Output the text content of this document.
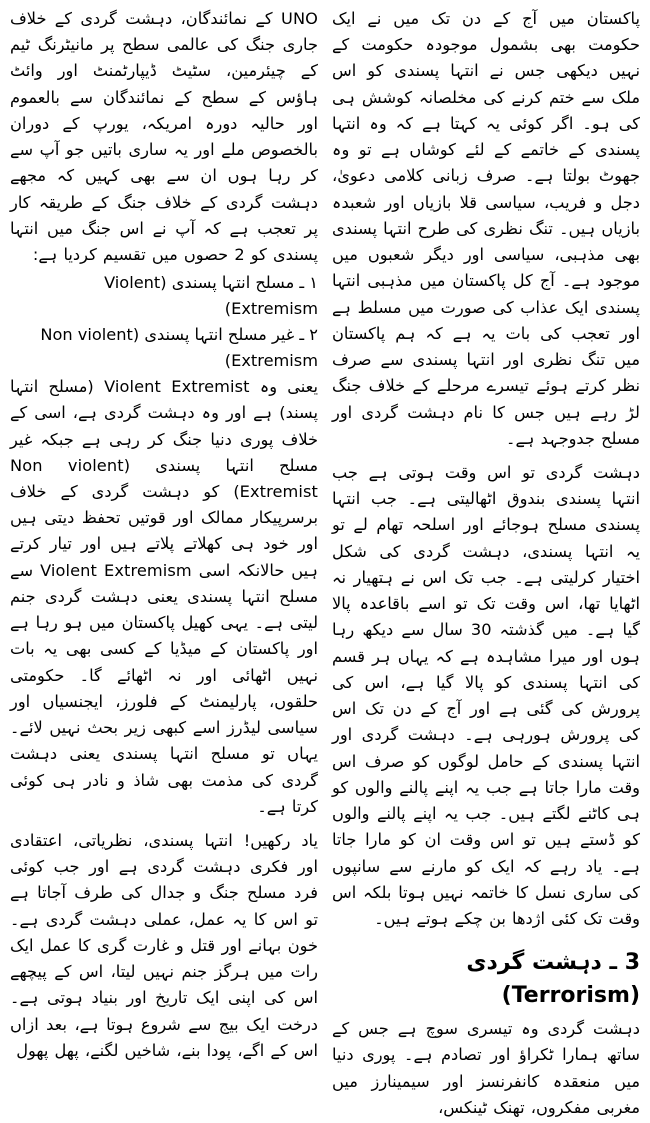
پاکستان میں آج کے دن تک میں نے ایک حکومت بھی بشمول موجودہ حکومت کے نہیں دیکھی جس نے انتہا پسندی کو اس ملک سے ختم کرنے کی مخلصانہ کوشش ہی کی ہو۔ اگر کوئی یہ کہتا ہے کہ وہ انتہا پسندی کے خاتمے کے لئے کوشاں ہے تو وہ جھوٹ بولتا ہے۔ صرف زبانی کلامی دعویٰ، دجل و فریب، سیاسی قلا بازیاں اور شعبدہ بازیاں ہیں۔ تنگ نظری کی طرح انتہا پسندی بھی مذہبی، سیاسی اور دیگر شعبوں میں موجود ہے۔ آج کل پاکستان میں مذہبی انتہا پسندی ایک عذاب کی صورت میں مسلط ہے اور تعجب کی بات یہ ہے کہ ہم پاکستان میں تنگ نظری اور انتہا پسندی سے صرف نظر کرتے ہوئے تیسرے مرحلے کے خلاف جنگ لڑ رہے ہیں جس کا نام دہشت گردی اور مسلح جدوجہد ہے۔

دہشت گردی تو اس وقت ہوتی ہے جب انتہا پسندی بندوق اٹھالیتی ہے۔ جب انتہا پسندی مسلح ہوجائے اور اسلحہ تھام لے تو یہ انتہا پسندی، دہشت گردی کی شکل اختیار کرلیتی ہے۔ جب تک اس نے ہتھیار نہ اٹھایا تھا، اس وقت تک تو اسے باقاعدہ پالا گیا ہے۔ میں گذشتہ 30 سال سے دیکھ رہا ہوں اور میرا مشاہدہ ہے کہ یہاں ہر قسم کی انتہا پسندی کو پالا گیا ہے، اس کی پرورش کی گئی ہے اور آج کے دن تک اس کی پرورش ہورہی ہے۔ دہشت گردی اور انتہا پسندی کے حامل لوگوں کو صرف اس وقت مارا جاتا ہے جب یہ اپنے پالنے والوں کو ہی کاٹنے لگتے ہیں۔ جب یہ اپنے پالنے والوں کو ڈستے ہیں تو اس وقت ان کو مارا جاتا ہے۔ یاد رہے کہ ایک کو مارنے سے سانپوں کی ساری نسل کا خاتمہ نہیں ہوتا بلکہ اس وقت تک کئی اژدھا بن چکے ہوتے ہیں۔

3 ـ دہشت گردی (Terrorism)

دہشت گردی وہ تیسری سوچ ہے جس کے ساتھ ہمارا ٹکراؤ اور تصادم ہے۔ پوری دنیا میں منعقدہ کانفرنسز اور سیمینارز میں مغربی مفکروں، تھنک ٹینکس،

UNO کے نمائندگان، دہشت گردی کے خلاف جاری جنگ کی عالمی سطح پر مانیٹرنگ ٹیم کے چیئرمین، سٹیٹ ڈیپارٹمنٹ اور وائٹ ہاؤس کے سطح کے نمائندگان سے بالعموم اور حالیہ دورہ امریکہ، یورپ کے دوران بالخصوص ملے اور یہ ساری باتیں جو آپ سے کر رہا ہوں ان سے بھی کہیں کہ مجھے دہشت گردی کے خلاف جنگ کے طریقہ کار پر تعجب ہے کہ آپ نے اس جنگ میں انتہا پسندی کو 2 حصوں میں تقسیم کردیا ہے:

۱ ـ مسلح انتہا پسندی (Violent Extremism)

۲ ـ غیر مسلح انتہا پسندی (Non violent Extremism)

یعنی وہ Violent Extremist (مسلح انتہا پسند) ہے اور وہ دہشت گردی ہے، اسی کے خلاف پوری دنیا جنگ کر رہی ہے جبکہ غیر مسلح انتہا پسندی (Non violent Extremist) کو دہشت گردی کے خلاف برسرپیکار ممالک اور قوتیں تحفظ دیتی ہیں اور خود ہی کھلاتے پلاتے ہیں اور تیار کرتے ہیں حالانکہ اسی Violent Extremism سے مسلح انتہا پسندی یعنی دہشت گردی جنم لیتی ہے۔ یہی کھیل پاکستان میں ہو رہا ہے اور پاکستان کے میڈیا کے کسی بھی یہ بات نہیں اٹھائی اور نہ اٹھائے گا۔ حکومتی حلقوں، پارلیمنٹ کے فلورز، ایجنسیاں اور سیاسی لیڈرز اسے کبھی زیر بحث نہیں لائے۔ یہاں تو مسلح انتہا پسندی یعنی دہشت گردی کی مذمت بھی شاذ و نادر ہی کوئی کرتا ہے۔

یاد رکھیں! انتہا پسندی، نظریاتی، اعتقادی اور فکری دہشت گردی ہے اور جب کوئی فرد مسلح جنگ و جدال کی طرف آجاتا ہے تو اس کا یہ عمل، عملی دہشت گردی ہے۔ خون بہانے اور قتل و غارت گری کا عمل ایک رات میں ہرگز جنم نہیں لیتا، اس کے پیچھے اس کی اپنی ایک تاریخ اور بنیاد ہوتی ہے۔ درخت ایک بیج سے شروع ہوتا ہے، بعد ازاں اس کے اگے، پودا بنے، شاخیں لگنے، پھل پھول
